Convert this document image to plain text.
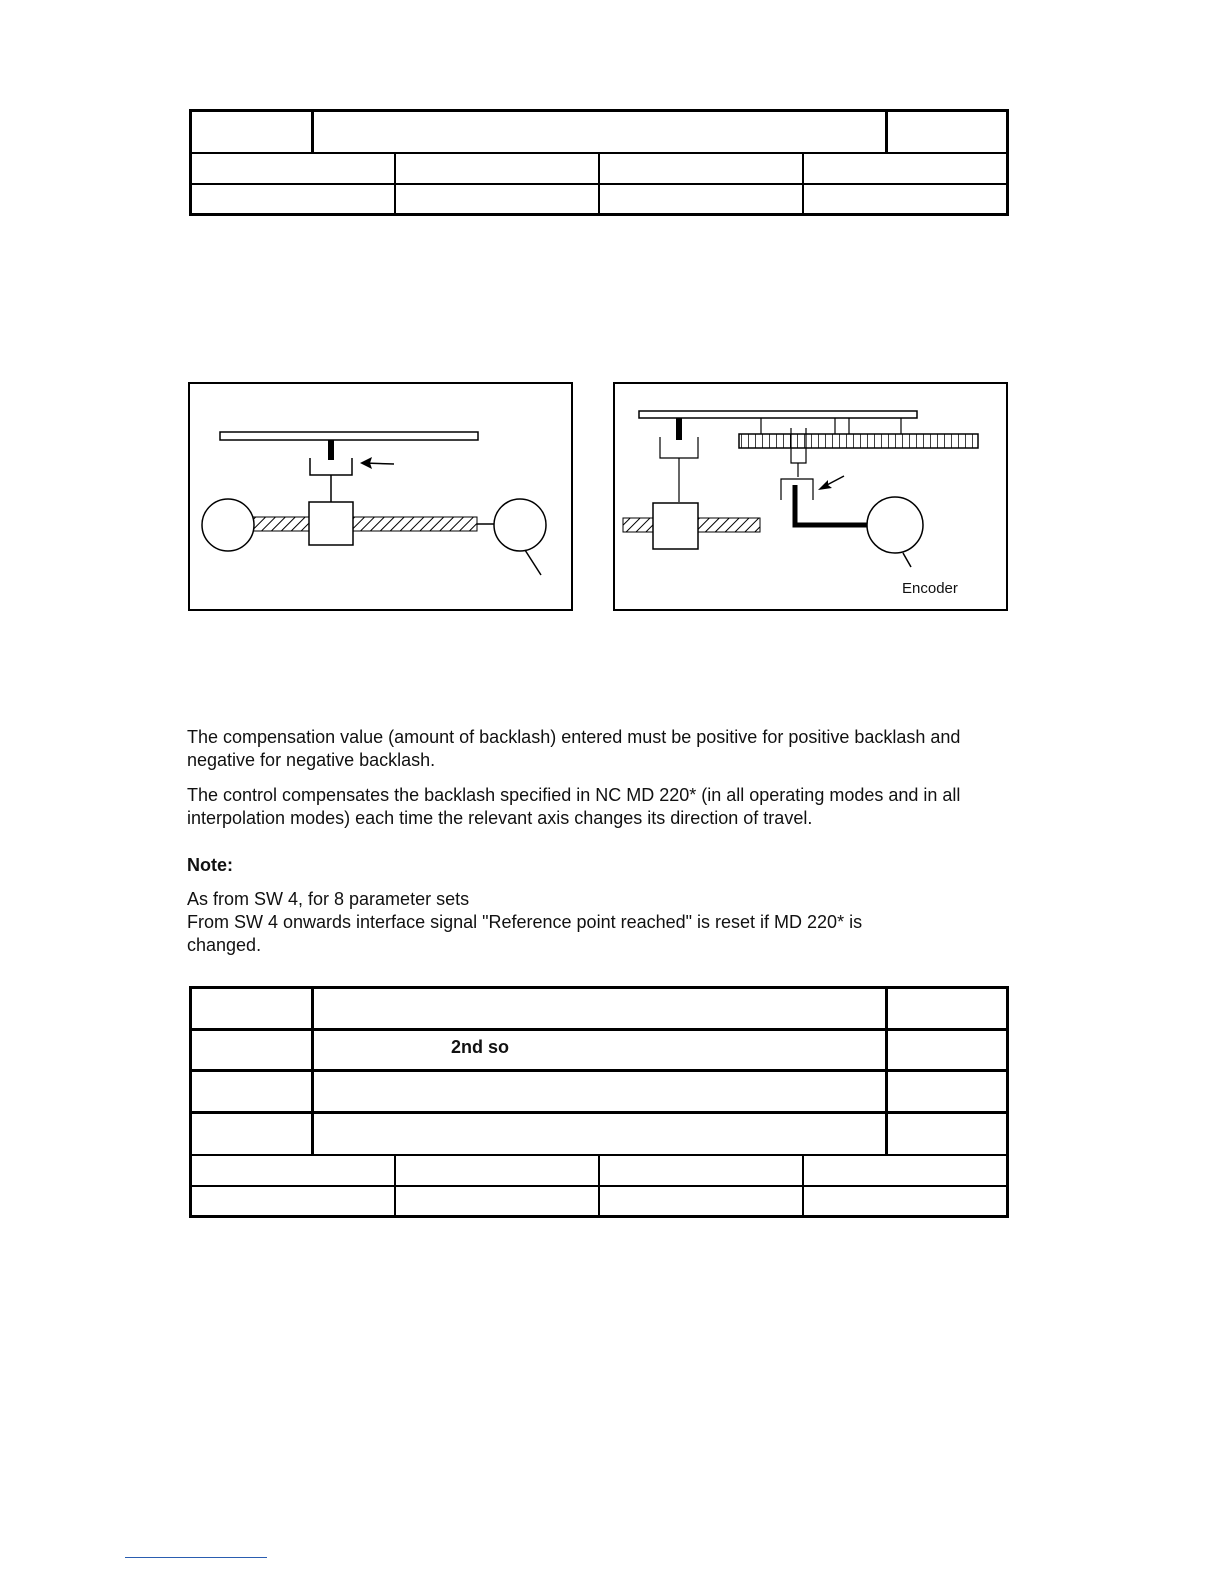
Encoder

The compensation value (amount of backlash) entered must be positive for positive backlash and negative for negative backlash.

The control compensates the backlash specified in NC MD 220* (in all operating modes and in all interpolation modes) each time the relevant axis changes its direction of travel.

Note:

As from SW 4, for 8 parameter sets

From SW 4 onwards interface signal "Reference point reached" is reset if MD 220* is changed.

2nd so
